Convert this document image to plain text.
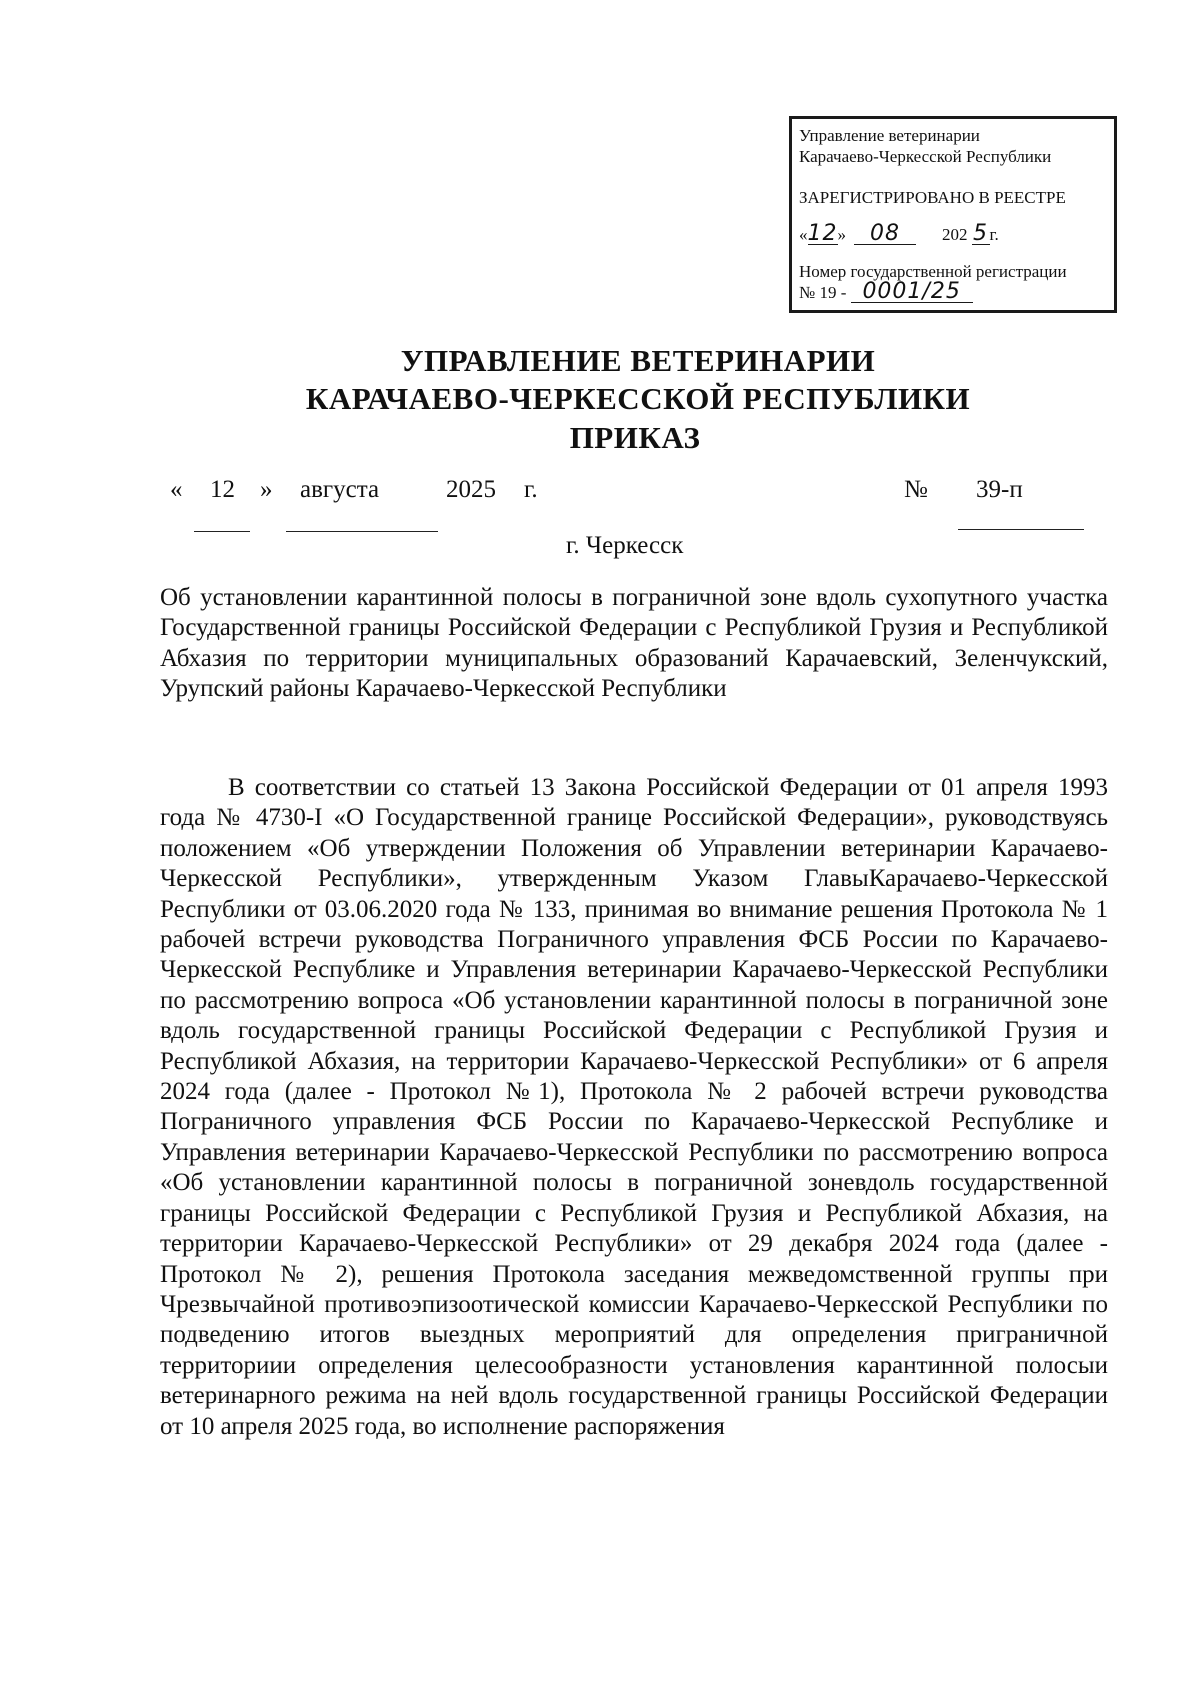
Управление ветеринарии
Карачаево-Черкесской Республики
ЗАРЕГИСТРИРОВАНО В РЕЕСТРЕ
«12» 08 202 5г.
Номер государственной регистрации
№ 19 - 0001/25
УПРАВЛЕНИЕ ВЕТЕРИНАРИИ
КАРАЧАЕВО-ЧЕРКЕССКОЙ РЕСПУБЛИКИ
ПРИКАЗ
« 12 » августа	2025 г.	№ 39-п
г. Черкесск

Об установлении карантинной полосы в пограничной зоне вдоль сухопутного участка Государственной границы Российской Федерации с Республикой Грузия и Республикой Абхазия по территории муниципальных образований Карачаевский, Зеленчукский, Урупский районы Карачаево-Черкесской Республики

В соответствии со статьей 13 Закона Российской Федерации от 01 апреля 1993 года № 4730-I «О Государственной границе Российской Федерации», руководствуясь положением «Об утверждении Положения об Управлении ветеринарии Карачаево-Черкесской Республики», утвержденным Указом ГлавыКарачаево-Черкесской Республики от 03.06.2020 года № 133, принимая во внимание решения Протокола № 1 рабочей встречи руководства Пограничного управления ФСБ России по Карачаево-Черкесской Республике и Управления ветеринарии Карачаево-Черкесской Республики по рассмотрению вопроса «Об установлении карантинной полосы в пограничной зоне вдоль государственной границы Российской Федерации с Республикой Грузия и Республикой Абхазия, на территории Карачаево-Черкесской Республики» от 6 апреля 2024 года (далее - Протокол №1), Протокола № 2 рабочей встречи руководства Пограничного управления ФСБ России по Карачаево-Черкесской Республике и Управления ветеринарии Карачаево-Черкесской Республики по рассмотрению вопроса «Об установлении карантинной полосы в пограничной зоневдоль государственной границы Российской Федерации с Республикой Грузия и Республикой Абхазия, на территории Карачаево-Черкесской Республики» от 29 декабря 2024 года (далее - Протокол № 2), решения Протокола заседания межведомственной группы при Чрезвычайной противоэпизоотической комиссии Карачаево-Черкесской Республики по подведению итогов выездных мероприятий для определения приграничной территориии определения целесообразности установления карантинной полосыи ветеринарного режима на ней вдоль государственной границы Российской Федерации от 10 апреля 2025 года, во исполнение распоряжения
